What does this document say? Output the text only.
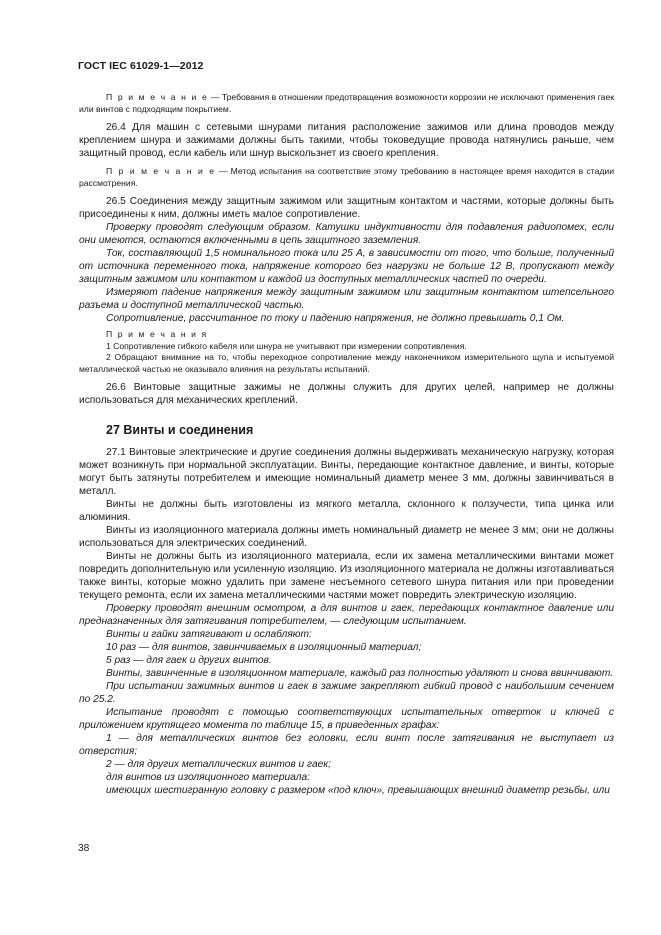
ГОСТ IEC 61029-1—2012

П р и м е ч а н и е — Требования в отношении предотвращения возможности коррозии не исключают применения гаек или винтов с подходящим покрытием.

26.4 Для машин с сетевыми шнурами питания расположение зажимов или длина проводов между креплением шнура и зажимами должны быть такими, чтобы токоведущие провода натянулись раньше, чем защитный провод, если кабель или шнур выскользнет из своего крепления.

П р и м е ч а н и е — Метод испытания на соответствие этому требованию в настоящее время находится в стадии рассмотрения.

26.5 Соединения между защитным зажимом или защитным контактом и частями, которые должны быть присоединены к ним, должны иметь малое сопротивление.

Проверку проводят следующим образом. Катушки индуктивности для подавления радиопомех, если они имеются, остаются включенными в цепь защитного заземления.

Ток, составляющий 1,5 номинального тока или 25 А, в зависимости от того, что больше, полученный от источника переменного тока, напряжение которого без нагрузки не больше 12 В, пропускают между защитным зажимом или контактом и каждой из доступных металлических частей по очереди.

Измеряют падение напряжения между защитным зажимом или защитным контактом штепсельного разъема и доступной металлической частью.

Сопротивление, рассчитанное по току и падению напряжения, не должно превышать 0,1 Ом.

П р и м е ч а н и я

1 Сопротивление гибкого кабеля или шнура не учитывают при измерении сопротивления.

2 Обращают внимание на то, чтобы переходное сопротивление между наконечником измерительного щупа и испытуемой металлической частью не оказывало влияния на результаты испытаний.

26.6 Винтовые защитные зажимы не должны служить для других целей, например не должны использоваться для механических креплений.

27 Винты и соединения

27.1 Винтовые электрические и другие соединения должны выдерживать механическую нагрузку, которая может возникнуть при нормальной эксплуатации. Винты, передающие контактное давление, и винты, которые могут быть затянуты потребителем и имеющие номинальный диаметр менее 3 мм, должны завинчиваться в металл.

Винты не должны быть изготовлены из мягкого металла, склонного к ползучести, типа цинка или алюминия.

Винты из изоляционного материала должны иметь номинальный диаметр не менее 3 мм; они не должны использоваться для электрических соединений.

Винты не должны быть из изоляционного материала, если их замена металлическими винтами может повредить дополнительную или усиленную изоляцию. Из изоляционного материала не должны изготавливаться также винты, которые можно удалить при замене несъемного сетевого шнура питания или при проведении текущего ремонта, если их замена металлическими частями может повредить электрическую изоляцию.

Проверку проводят внешним осмотром, а для винтов и гаек, передающих контактное давление или предназначенных для затягивания потребителем, — следующим испытанием.

Винты и гайки затягивают и ослабляют:

10 раз — для винтов, завинчиваемых в изоляционный материал;

5 раз — для гаек и других винтов.

Винты, завинченные в изоляционном материале, каждый раз полностью удаляют и снова ввинчивают.

При испытании зажимных винтов и гаек в зажиме закрепляют гибкий провод с наибольшим сечением по 25.2.

Испытание проводят с помощью соответствующих испытательных отверток и ключей с приложением крутящего момента по таблице 15, в приведенных графах:

1 — для металлических винтов без головки, если винт после затягивания не выступает из отверстия;

2 — для других металлических винтов и гаек;

для винтов из изоляционного материала:

имеющих шестигранную головку с размером «под ключ», превышающих внешний диаметр резьбы, или

38
